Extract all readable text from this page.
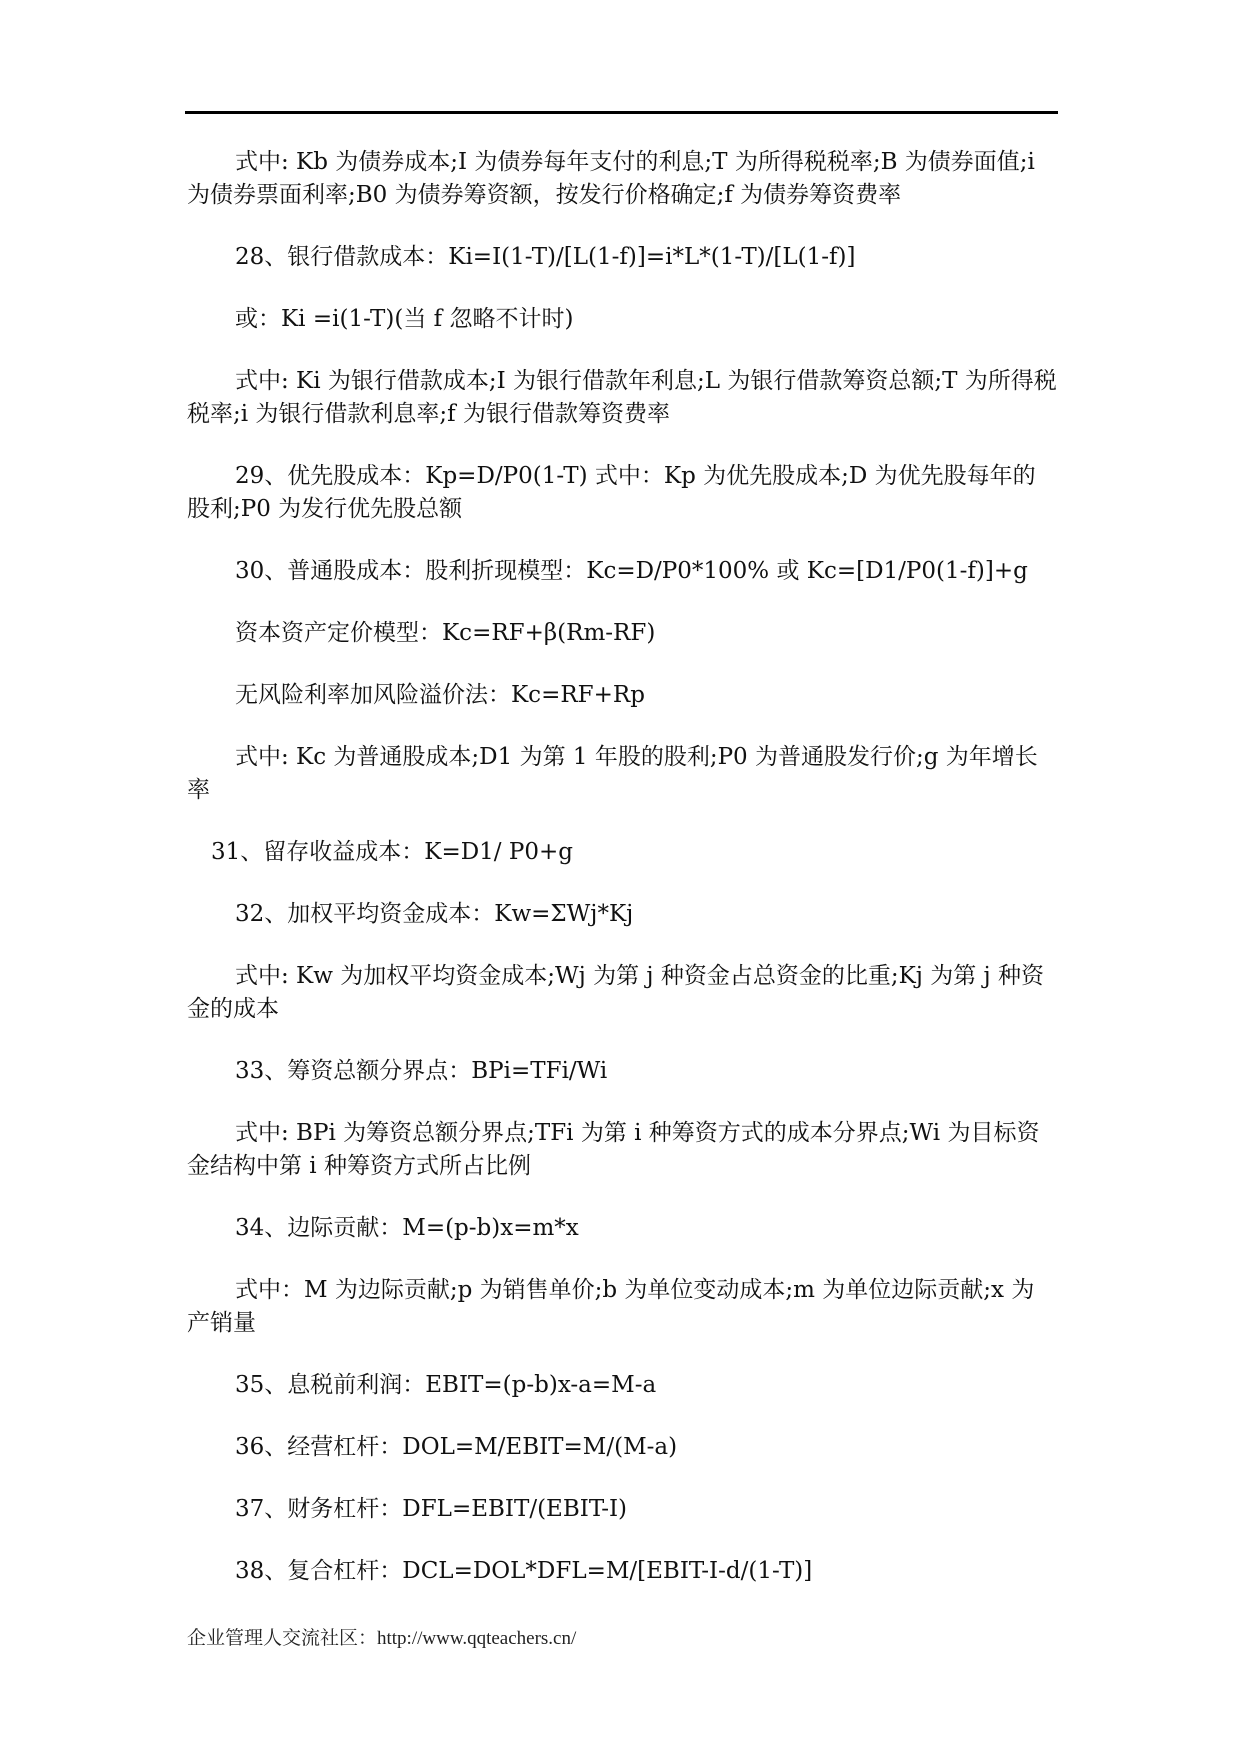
式中: Kb 为债券成本;I 为债券每年支付的利息;T 为所得税税率;B 为债券面值;i 为债券票面利率;B0 为债券筹资额，按发行价格确定;f 为债券筹资费率

28、银行借款成本：Ki=I(1-T)/[L(1-f)]=i*L*(1-T)/[L(1-f)]

或：Ki =i(1-T)(当 f 忽略不计时)

式中: Ki 为银行借款成本;I 为银行借款年利息;L 为银行借款筹资总额;T 为所得税税率;i 为银行借款利息率;f 为银行借款筹资费率

29、优先股成本：Kp=D/P0(1-T) 式中：Kp 为优先股成本;D 为优先股每年的股利;P0 为发行优先股总额

30、普通股成本：股利折现模型：Kc=D/P0*100% 或 Kc=[D1/P0(1-f)]+g

资本资产定价模型：Kc=RF+β(Rm-RF)

无风险利率加风险溢价法：Kc=RF+Rp

式中: Kc 为普通股成本;D1 为第 1 年股的股利;P0 为普通股发行价;g 为年增长率

31、留存收益成本：K=D1/ P0+g

32、加权平均资金成本：Kw=ΣWj*Kj

式中: Kw 为加权平均资金成本;Wj 为第 j 种资金占总资金的比重;Kj 为第 j 种资金的成本

33、筹资总额分界点：BPi=TFi/Wi

式中: BPi 为筹资总额分界点;TFi 为第 i 种筹资方式的成本分界点;Wi 为目标资金结构中第 i 种筹资方式所占比例

34、边际贡献：M=(p-b)x=m*x

式中：M 为边际贡献;p 为销售单价;b 为单位变动成本;m 为单位边际贡献;x 为产销量

35、息税前利润：EBIT=(p-b)x-a=M-a

36、经营杠杆：DOL=M/EBIT=M/(M-a)

37、财务杠杆：DFL=EBIT/(EBIT-I)

38、复合杠杆：DCL=DOL*DFL=M/[EBIT-I-d/(1-T)]

企业管理人交流社区：http://www.qqteachers.cn/
